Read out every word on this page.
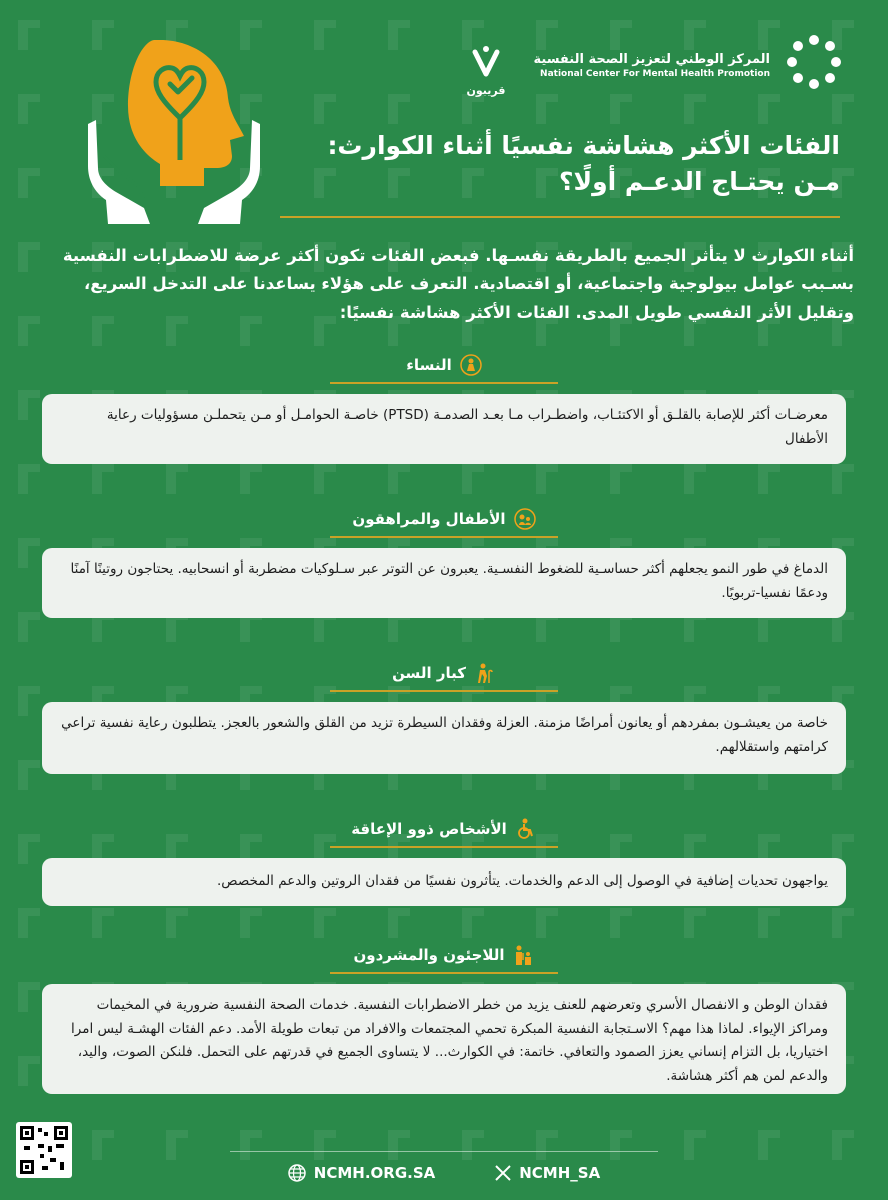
المركز الوطني لتعزيز الصحة النفسية
National Center For Mental Health Promotion
قريبون
الفئات الأكثر هشاشة نفسيًا أثناء الكوارث:
مـن يحتـاج الدعـم أولًا؟
أثناء الكوارث لا يتأثر الجميع بالطريقة نفسـها. فبعض الفئات تكون أكثر عرضة للاضطرابات النفسية بسـبب عوامل بيولوجية واجتماعية، أو اقتصادية. التعرف على هؤلاء يساعدنا على التدخل السريع، وتقليل الأثر النفسي طويل المدى. الفئات الأكثر هشاشة نفسيًا:
النساء
معرضـات أكثر للإصابة بالقلـق أو الاكتئـاب، واضطـراب مـا بعـد الصدمـة (PTSD) خاصـة الحوامـل أو مـن يتحملـن مسؤوليات رعاية الأطفال
الأطفال والمراهقون
الدماغ في طور النمو يجعلهم أكثر حساسـية للضغوط النفسـية. يعبرون عن التوتر عبر سـلوكيات مضطربة أو انسحابيه. يحتاجون روتينًا آمنًا ودعمًا نفسيا-تربويًا.
كبار السن
خاصة من يعيشـون بمفردهم أو يعانون أمراضًا مزمنة. العزلة وفقدان السيطرة تزيد من القلق والشعور بالعجز. يتطلبون رعاية نفسية تراعي كرامتهم واستقلالهم.
الأشخاص ذوو الإعاقة
يواجهون تحديات إضافية في الوصول إلى الدعم والخدمات. يتأثرون نفسيًا من فقدان الروتين والدعم المخصص.
اللاجئون والمشردون
فقدان الوطن و الانفصال الأسري وتعرضهم للعنف يزيد من خطر الاضطرابات النفسية. خدمات الصحة النفسية ضرورية في المخيمات ومراكز الإيواء. لماذا هذا مهم؟ الاسـتجابة النفسية المبكرة تحمي المجتمعات والافراد من تبعات طويلة الأمد. دعم الفئات الهشـة ليس امرا اختياريا، بل التزام إنساني يعزز الصمود والتعافي. خاتمة: في الكوارث... لا يتساوى الجميع في قدرتهم على التحمل. فلنكن الصوت، واليد، والدعم لمن هم أكثر هشاشة.
NCMH.ORG.SA	NCMH_SA
